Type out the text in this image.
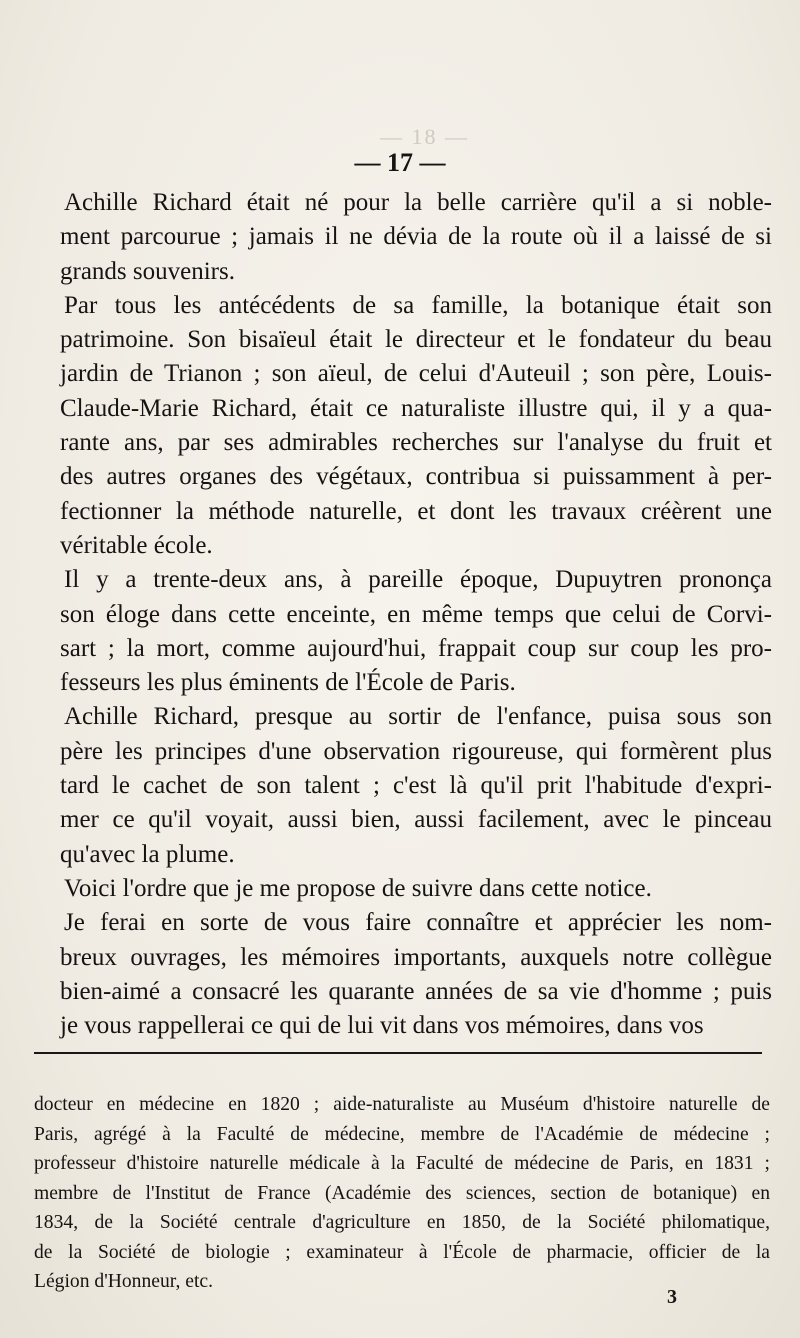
— 18 —
— 17 —

Achille Richard était né pour la belle carrière qu'il a si noble-
ment parcourue ; jamais il ne dévia de la route où il a laissé de si
grands souvenirs.

Par tous les antécédents de sa famille, la botanique était son
patrimoine. Son bisaïeul était le directeur et le fondateur du beau
jardin de Trianon ; son aïeul, de celui d'Auteuil ; son père, Louis-
Claude-Marie Richard, était ce naturaliste illustre qui, il y a qua-
rante ans, par ses admirables recherches sur l'analyse du fruit et
des autres organes des végétaux, contribua si puissamment à per-
fectionner la méthode naturelle, et dont les travaux créèrent une
véritable école.

Il y a trente-deux ans, à pareille époque, Dupuytren prononça
son éloge dans cette enceinte, en même temps que celui de Corvi-
sart ; la mort, comme aujourd'hui, frappait coup sur coup les pro-
fesseurs les plus éminents de l'École de Paris.

Achille Richard, presque au sortir de l'enfance, puisa sous son
père les principes d'une observation rigoureuse, qui formèrent plus
tard le cachet de son talent ; c'est là qu'il prit l'habitude d'expri-
mer ce qu'il voyait, aussi bien, aussi facilement, avec le pinceau
qu'avec la plume.

Voici l'ordre que je me propose de suivre dans cette notice.

Je ferai en sorte de vous faire connaître et apprécier les nom-
breux ouvrages, les mémoires importants, auxquels notre collègue
bien-aimé a consacré les quarante années de sa vie d'homme ; puis
je vous rappellerai ce qui de lui vit dans vos mémoires, dans vos

docteur en médecine en 1820 ; aide-naturaliste au Muséum d'histoire naturelle de
Paris, agrégé à la Faculté de médecine, membre de l'Académie de médecine ;
professeur d'histoire naturelle médicale à la Faculté de médecine de Paris, en 1831 ;
membre de l'Institut de France (Académie des sciences, section de botanique) en
1834, de la Société centrale d'agriculture en 1850, de la Société philomatique,
de la Société de biologie ; examinateur à l'École de pharmacie, officier de la
Légion d'Honneur, etc.
3
